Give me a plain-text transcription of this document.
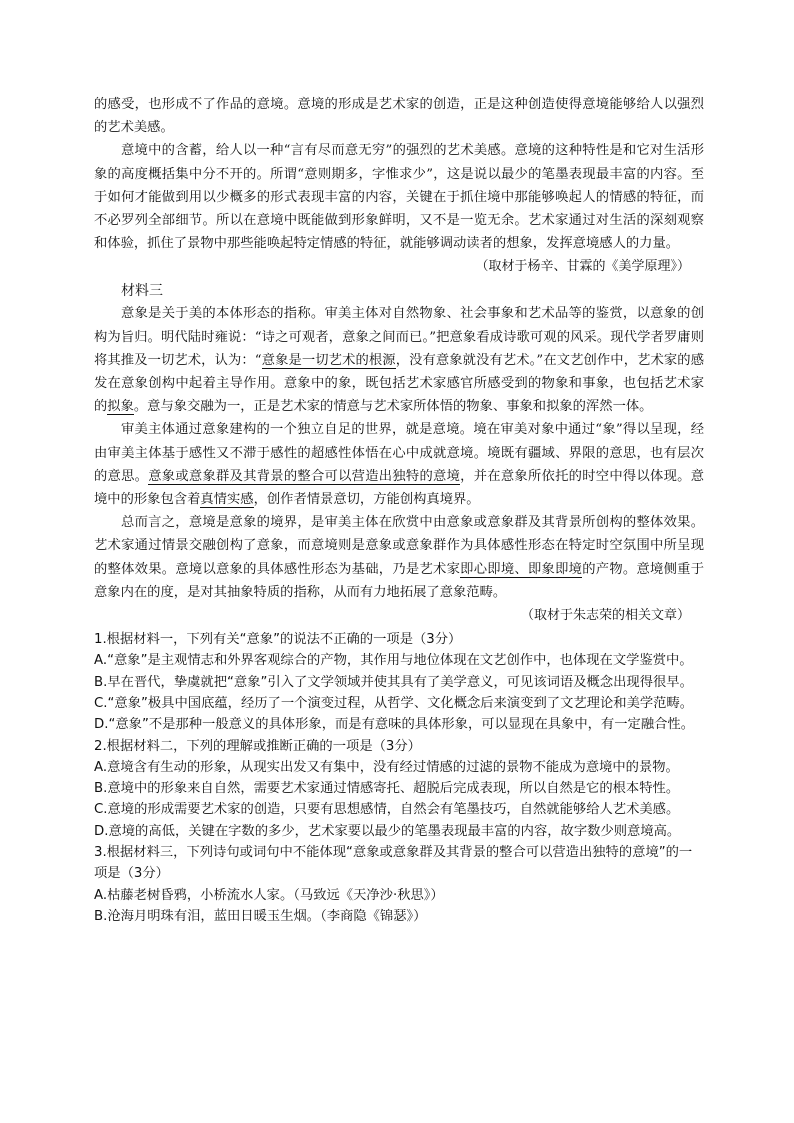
的感受，也形成不了作品的意境。意境的形成是艺术家的创造，正是这种创造使得意境能够给人以强烈的艺术美感。

意境中的含蓄，给人以一种“言有尽而意无穷”的强烈的艺术美感。意境的这种特性是和它对生活形象的高度概括集中分不开的。所谓“意则期多，字惟求少”，这是说以最少的笔墨表现最丰富的内容。至于如何才能做到用以少概多的形式表现丰富的内容，关键在于抓住境中那能够唤起人的情感的特征，而不必罗列全部细节。所以在意境中既能做到形象鲜明，又不是一览无余。艺术家通过对生活的深刻观察和体验，抓住了景物中那些能唤起特定情感的特征，就能够调动读者的想象，发挥意境感人的力量。

（取材于杨辛、甘霖的《美学原理》）

材料三

意象是关于美的本体形态的指称。审美主体对自然物象、社会事象和艺术品等的鉴赏，以意象的创构为旨归。明代陆时雍说：“诗之可观者，意象之间而已。”把意象看成诗歌可观的风采。现代学者罗庸则将其推及一切艺术，认为：“意象是一切艺术的根源，没有意象就没有艺术。”在文艺创作中，艺术家的感发在意象创构中起着主导作用。意象中的象，既包括艺术家感官所感受到的物象和事象，也包括艺术家的拟象。意与象交融为一，正是艺术家的情意与艺术家所体悟的物象、事象和拟象的浑然一体。

审美主体通过意象建构的一个独立自足的世界，就是意境。境在审美对象中通过“象”得以呈现，经由审美主体基于感性又不滞于感性的超感性体悟在心中成就意境。境既有疆域、界限的意思，也有层次的意思。意象或意象群及其背景的整合可以营造出独特的意境，并在意象所依托的时空中得以体现。意境中的形象包含着真情实感，创作者情景意切，方能创构真境界。

总而言之，意境是意象的境界，是审美主体在欣赏中由意象或意象群及其背景所创构的整体效果。艺术家通过情景交融创构了意象，而意境则是意象或意象群作为具体感性形态在特定时空氛围中所呈现的整体效果。意境以意象的具体感性形态为基础，乃是艺术家即心即境、即象即境的产物。意境侧重于意象内在的度，是对其抽象特质的指称，从而有力地拓展了意象范畴。

（取材于朱志荣的相关文章）

1.根据材料一，下列有关“意象”的说法不正确的一项是（3分）

A.“意象”是主观情志和外界客观综合的产物，其作用与地位体现在文艺创作中，也体现在文学鉴赏中。

B.早在晋代，挚虞就把“意象”引入了文学领域并使其具有了美学意义，可见该词语及概念出现得很早。

C.“意象”极具中国底蕴，经历了一个演变过程，从哲学、文化概念后来演变到了文艺理论和美学范畴。

D.“意象”不是那种一般意义的具体形象，而是有意味的具体形象，可以显现在具象中，有一定融合性。

2.根据材料二，下列的理解或推断正确的一项是（3分）

A.意境含有生动的形象，从现实出发又有集中，没有经过情感的过滤的景物不能成为意境中的景物。

B.意境中的形象来自自然，需要艺术家通过情感寄托、超脱后完成表现，所以自然是它的根本特性。

C.意境的形成需要艺术家的创造，只要有思想感情，自然会有笔墨技巧，自然就能够给人艺术美感。

D.意境的高低，关键在字数的多少，艺术家要以最少的笔墨表现最丰富的内容，故字数少则意境高。

3.根据材料三，下列诗句或词句中不能体现“意象或意象群及其背景的整合可以营造出独特的意境”的一项是（3分）

A.枯藤老树昏鸦，小桥流水人家。（马致远《天净沙·秋思》）

B.沧海月明珠有泪，蓝田日暖玉生烟。（李商隐《锦瑟》）
